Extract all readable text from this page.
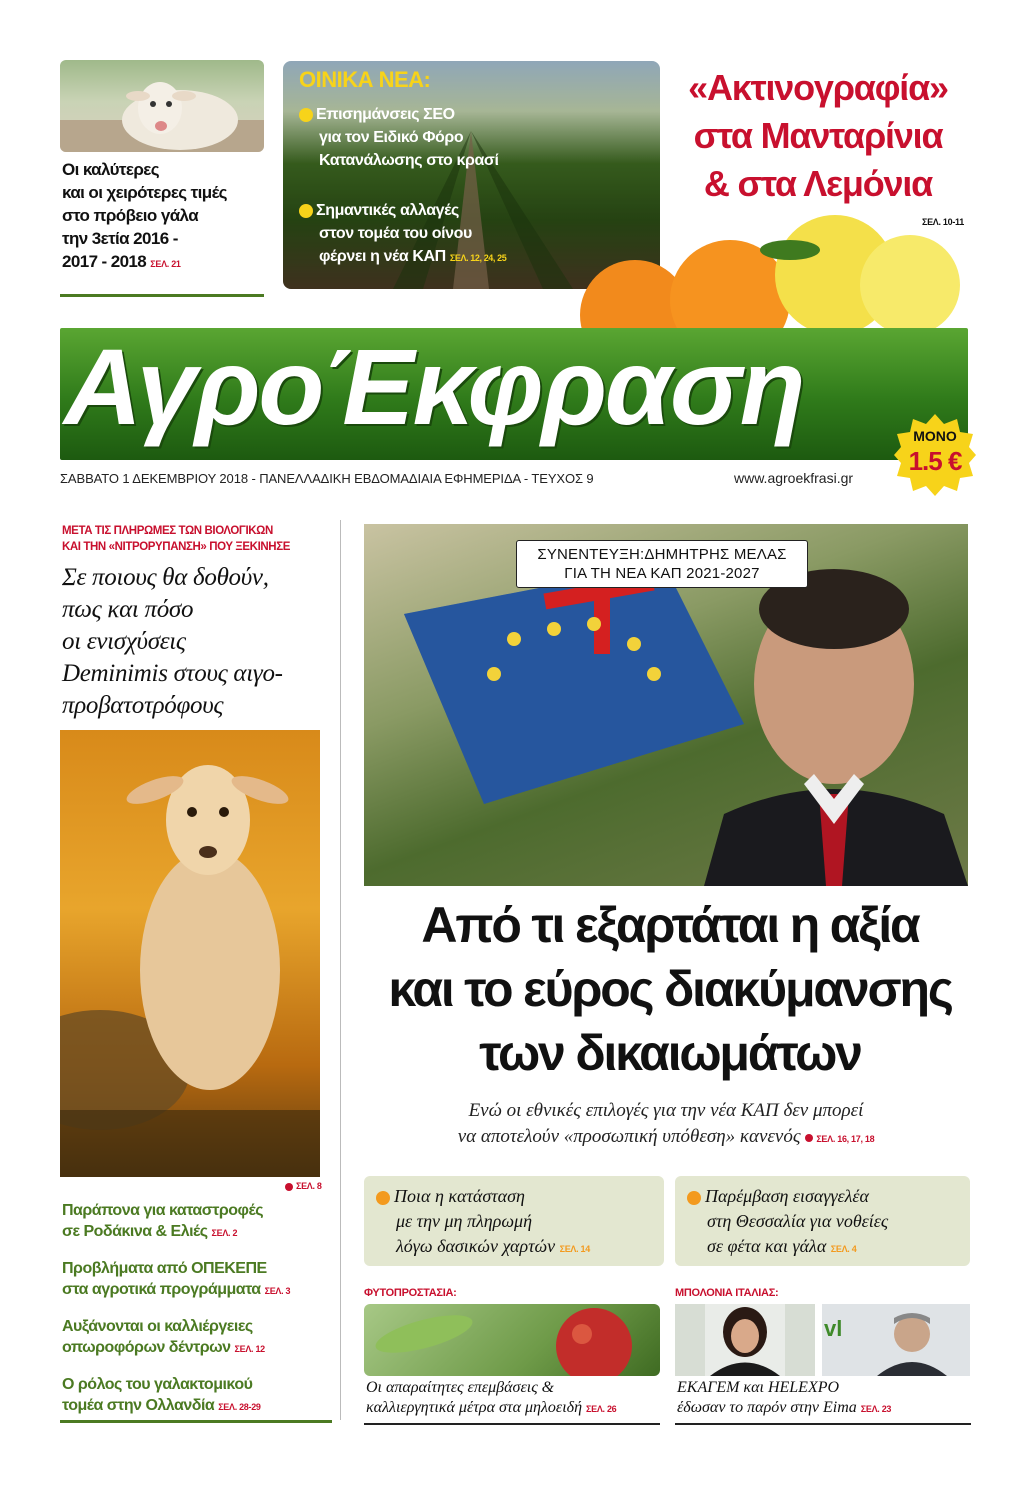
Οι καλύτερες
και οι χειρότερες τιμές
στο πρόβειο γάλα
την 3ετία 2016 -
2017 - 2018 ΣΕΛ. 21
ΟΙΝΙΚΑ ΝΕΑ:
Επισημάνσεις ΣΕΟ
για τον Ειδικό Φόρο
Κατανάλωσης στο κρασί
Σημαντικές αλλαγές
στον τομέα του οίνου
φέρνει η νέα ΚΑΠ ΣΕΛ. 12, 24, 25
«Ακτινογραφία»
στα Μανταρίνια
& στα Λεμόνια
ΣΕΛ. 10-11
ΑγροΈκφραση	ΜΟΝΟ
1.5 €
ΣΑΒΒΑΤΟ 1 ΔΕΚΕΜΒΡΙΟΥ 2018 - ΠΑΝΕΛΛΑΔΙΚΗ ΕΒΔΟΜΑΔΙΑΙΑ ΕΦΗΜΕΡΙΔΑ - ΤΕΥΧΟΣ 9	www.agroekfrasi.gr
ΜΕΤΑ ΤΙΣ ΠΛΗΡΩΜΕΣ ΤΩΝ ΒΙΟΛΟΓΙΚΩΝ
ΚΑΙ ΤΗΝ «ΝΙΤΡΟΡΥΠΑΝΣΗ» ΠΟΥ ΞΕΚΙΝΗΣΕ
Σε ποιους θα δοθούν,
πως και πόσο
οι ενισχύσεις
Deminimis στους αιγο-
προβατοτρόφους
ΣΕΛ. 8
Παράπονα για καταστροφές
σε Ροδάκινα & Ελιές ΣΕΛ. 2
Προβλήματα από ΟΠΕΚΕΠΕ
στα αγροτικά προγράμματα ΣΕΛ. 3
Αυξάνονται οι καλλιέργειες
οπωροφόρων δέντρων ΣΕΛ. 12
Ο ρόλος του γαλακτομικού
τομέα στην Ολλανδία ΣΕΛ. 28-29
ΣΥΝΕΝΤΕΥΞΗ:ΔΗΜΗΤΡΗΣ ΜΕΛΑΣ
ΓΙΑ ΤΗ ΝΕΑ ΚΑΠ 2021-2027
Από τι εξαρτάται η αξία
και το εύρος διακύμανσης
των δικαιωμάτων
Ενώ οι εθνικές επιλογές για την νέα ΚΑΠ δεν μπορεί
να αποτελούν «προσωπική υπόθεση» κανενός ΣΕΛ. 16, 17, 18
Ποια η κατάσταση
με την μη πληρωμή
λόγω δασικών χαρτών ΣΕΛ. 14
Παρέμβαση εισαγγελέα
στη Θεσσαλία για νοθείες
σε φέτα και γάλα ΣΕΛ. 4
ΦΥΤΟΠΡΟΣΤΑΣΙΑ:
Οι απαραίτητες επεμβάσεις &
καλλιεργητικά μέτρα στα μηλοειδή ΣΕΛ. 26
ΜΠΟΛΟΝΙΑ ΙΤΑΛΙΑΣ:
vl
ΕΚΑΓΕΜ και HELEXPO
έδωσαν το παρόν στην Eima ΣΕΛ. 23
